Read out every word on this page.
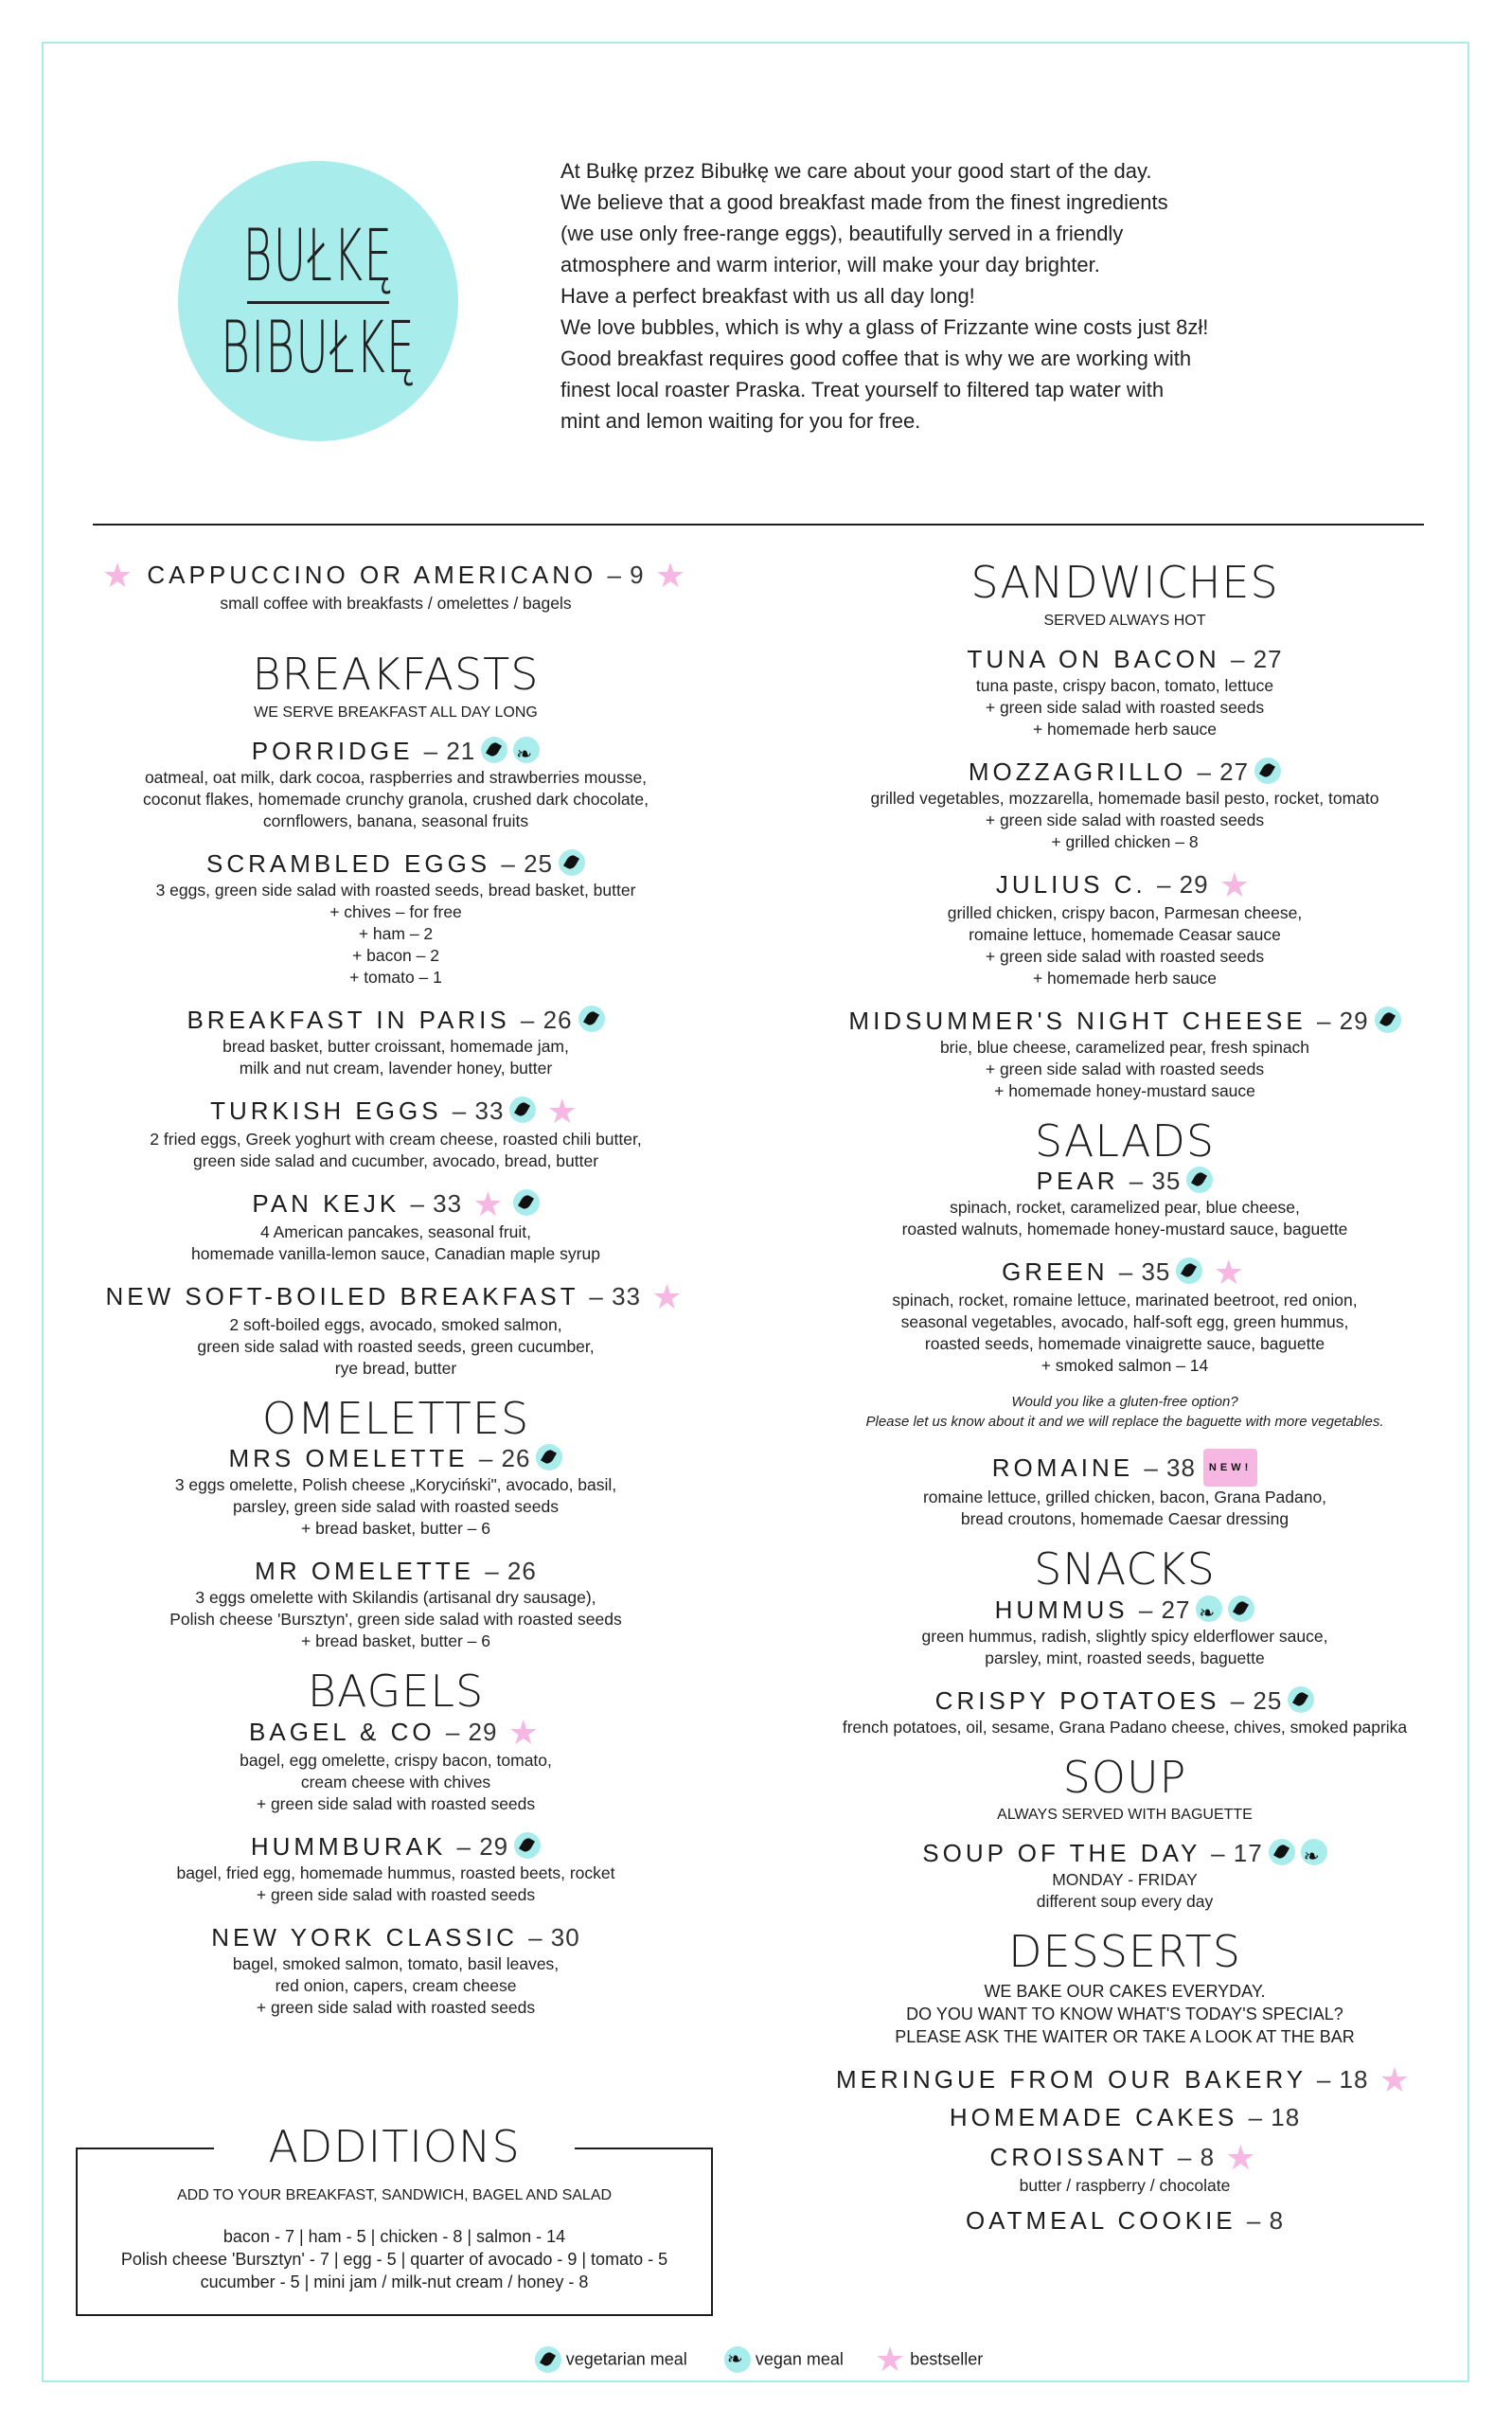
BUŁKĘ
BIBUŁKĘ

At Bułkę przez Bibułkę we care about your good start of the day.

We believe that a good breakfast made from the finest ingredients

(we use only free-range eggs), beautifully served in a friendly

atmosphere and warm interior, will make your day brighter.

Have a perfect breakfast with us all day long!

We love bubbles, which is why a glass of Frizzante wine costs just 8zł!

Good breakfast requires good coffee that is why we are working with

finest local roaster Praska. Treat yourself to filtered tap water with

mint and lemon waiting for you for free.

★ CAPPUCCINO OR AMERICANO – 9 ★
small coffee with breakfasts / omelettes / bagels
BREAKFASTS
WE SERVE BREAKFAST ALL DAY LONG
PORRIDGE – 21❧
oatmeal, oat milk, dark cocoa, raspberries and strawberries mousse,
coconut flakes, homemade crunchy granola, crushed dark chocolate,
cornflowers, banana, seasonal fruits
SCRAMBLED EGGS – 25
3 eggs, green side salad with roasted seeds, bread basket, butter
+ chives – for free
+ ham – 2
+ bacon – 2
+ tomato – 1
BREAKFAST IN PARIS – 26
bread basket, butter croissant, homemade jam,
milk and nut cream, lavender honey, butter
TURKISH EGGS – 33 ★
2 fried eggs, Greek yoghurt with cream cheese, roasted chili butter,
green side salad and cucumber, avocado, bread, butter
PAN KEJK – 33 ★
4 American pancakes, seasonal fruit,
homemade vanilla-lemon sauce, Canadian maple syrup
NEW SOFT-BOILED BREAKFAST – 33 ★
2 soft-boiled eggs, avocado, smoked salmon,
green side salad with roasted seeds, green cucumber,
rye bread, butter
OMELETTES
MRS OMELETTE – 26
3 eggs omelette, Polish cheese „Koryciński", avocado, basil,
parsley, green side salad with roasted seeds
+ bread basket, butter – 6
MR OMELETTE – 26
3 eggs omelette with Skilandis (artisanal dry sausage),
Polish cheese 'Bursztyn', green side salad with roasted seeds
+ bread basket, butter – 6
BAGELS
BAGEL & CO – 29 ★
bagel, egg omelette, crispy bacon, tomato,
cream cheese with chives
+ green side salad with roasted seeds
HUMMBURAK – 29
bagel, fried egg, homemade hummus, roasted beets, rocket
+ green side salad with roasted seeds
NEW YORK CLASSIC – 30
bagel, smoked salmon, tomato, basil leaves,
red onion, capers, cream cheese
+ green side salad with roasted seeds
ADDITIONS
ADD TO YOUR BREAKFAST, SANDWICH, BAGEL AND SALAD
bacon - 7 | ham - 5 | chicken - 8 | salmon - 14
Polish cheese 'Bursztyn' - 7 | egg - 5 | quarter of avocado - 9 | tomato - 5
cucumber - 5 | mini jam / milk-nut cream / honey - 8
SANDWICHES
SERVED ALWAYS HOT
TUNA ON BACON – 27
tuna paste, crispy bacon, tomato, lettuce
+ green side salad with roasted seeds
+ homemade herb sauce
MOZZAGRILLO – 27
grilled vegetables, mozzarella, homemade basil pesto, rocket, tomato
+ green side salad with roasted seeds
+ grilled chicken – 8
JULIUS C. – 29 ★
grilled chicken, crispy bacon, Parmesan cheese,
romaine lettuce, homemade Ceasar sauce
+ green side salad with roasted seeds
+ homemade herb sauce
MIDSUMMER'S NIGHT CHEESE – 29
brie, blue cheese, caramelized pear, fresh spinach
+ green side salad with roasted seeds
+ homemade honey-mustard sauce
SALADS
PEAR – 35
spinach, rocket, caramelized pear, blue cheese,
roasted walnuts, homemade honey-mustard sauce, baguette
GREEN – 35 ★
spinach, rocket, romaine lettuce, marinated beetroot, red onion,
seasonal vegetables, avocado, half-soft egg, green hummus,
roasted seeds, homemade vinaigrette sauce, baguette
+ smoked salmon – 14
Would you like a gluten-free option?
Please let us know about it and we will replace the baguette with more vegetables.
ROMAINE – 38 NEW!
romaine lettuce, grilled chicken, bacon, Grana Padano,
bread croutons, homemade Caesar dressing
SNACKS
HUMMUS – 27❧
green hummus, radish, slightly spicy elderflower sauce,
parsley, mint, roasted seeds, baguette
CRISPY POTATOES – 25
french potatoes, oil, sesame, Grana Padano cheese, chives, smoked paprika
SOUP
ALWAYS SERVED WITH BAGUETTE
SOUP OF THE DAY – 17❧
MONDAY - FRIDAY
different soup every day
DESSERTS
WE BAKE OUR CAKES EVERYDAY.
DO YOU WANT TO KNOW WHAT'S TODAY'S SPECIAL?
PLEASE ASK THE WAITER OR TAKE A LOOK AT THE BAR
MERINGUE FROM OUR BAKERY – 18 ★
HOMEMADE CAKES – 18
CROISSANT – 8 ★
butter / raspberry / chocolate
OATMEAL COOKIE – 8
vegetarian meal ❧	vegan meal ★ bestseller
